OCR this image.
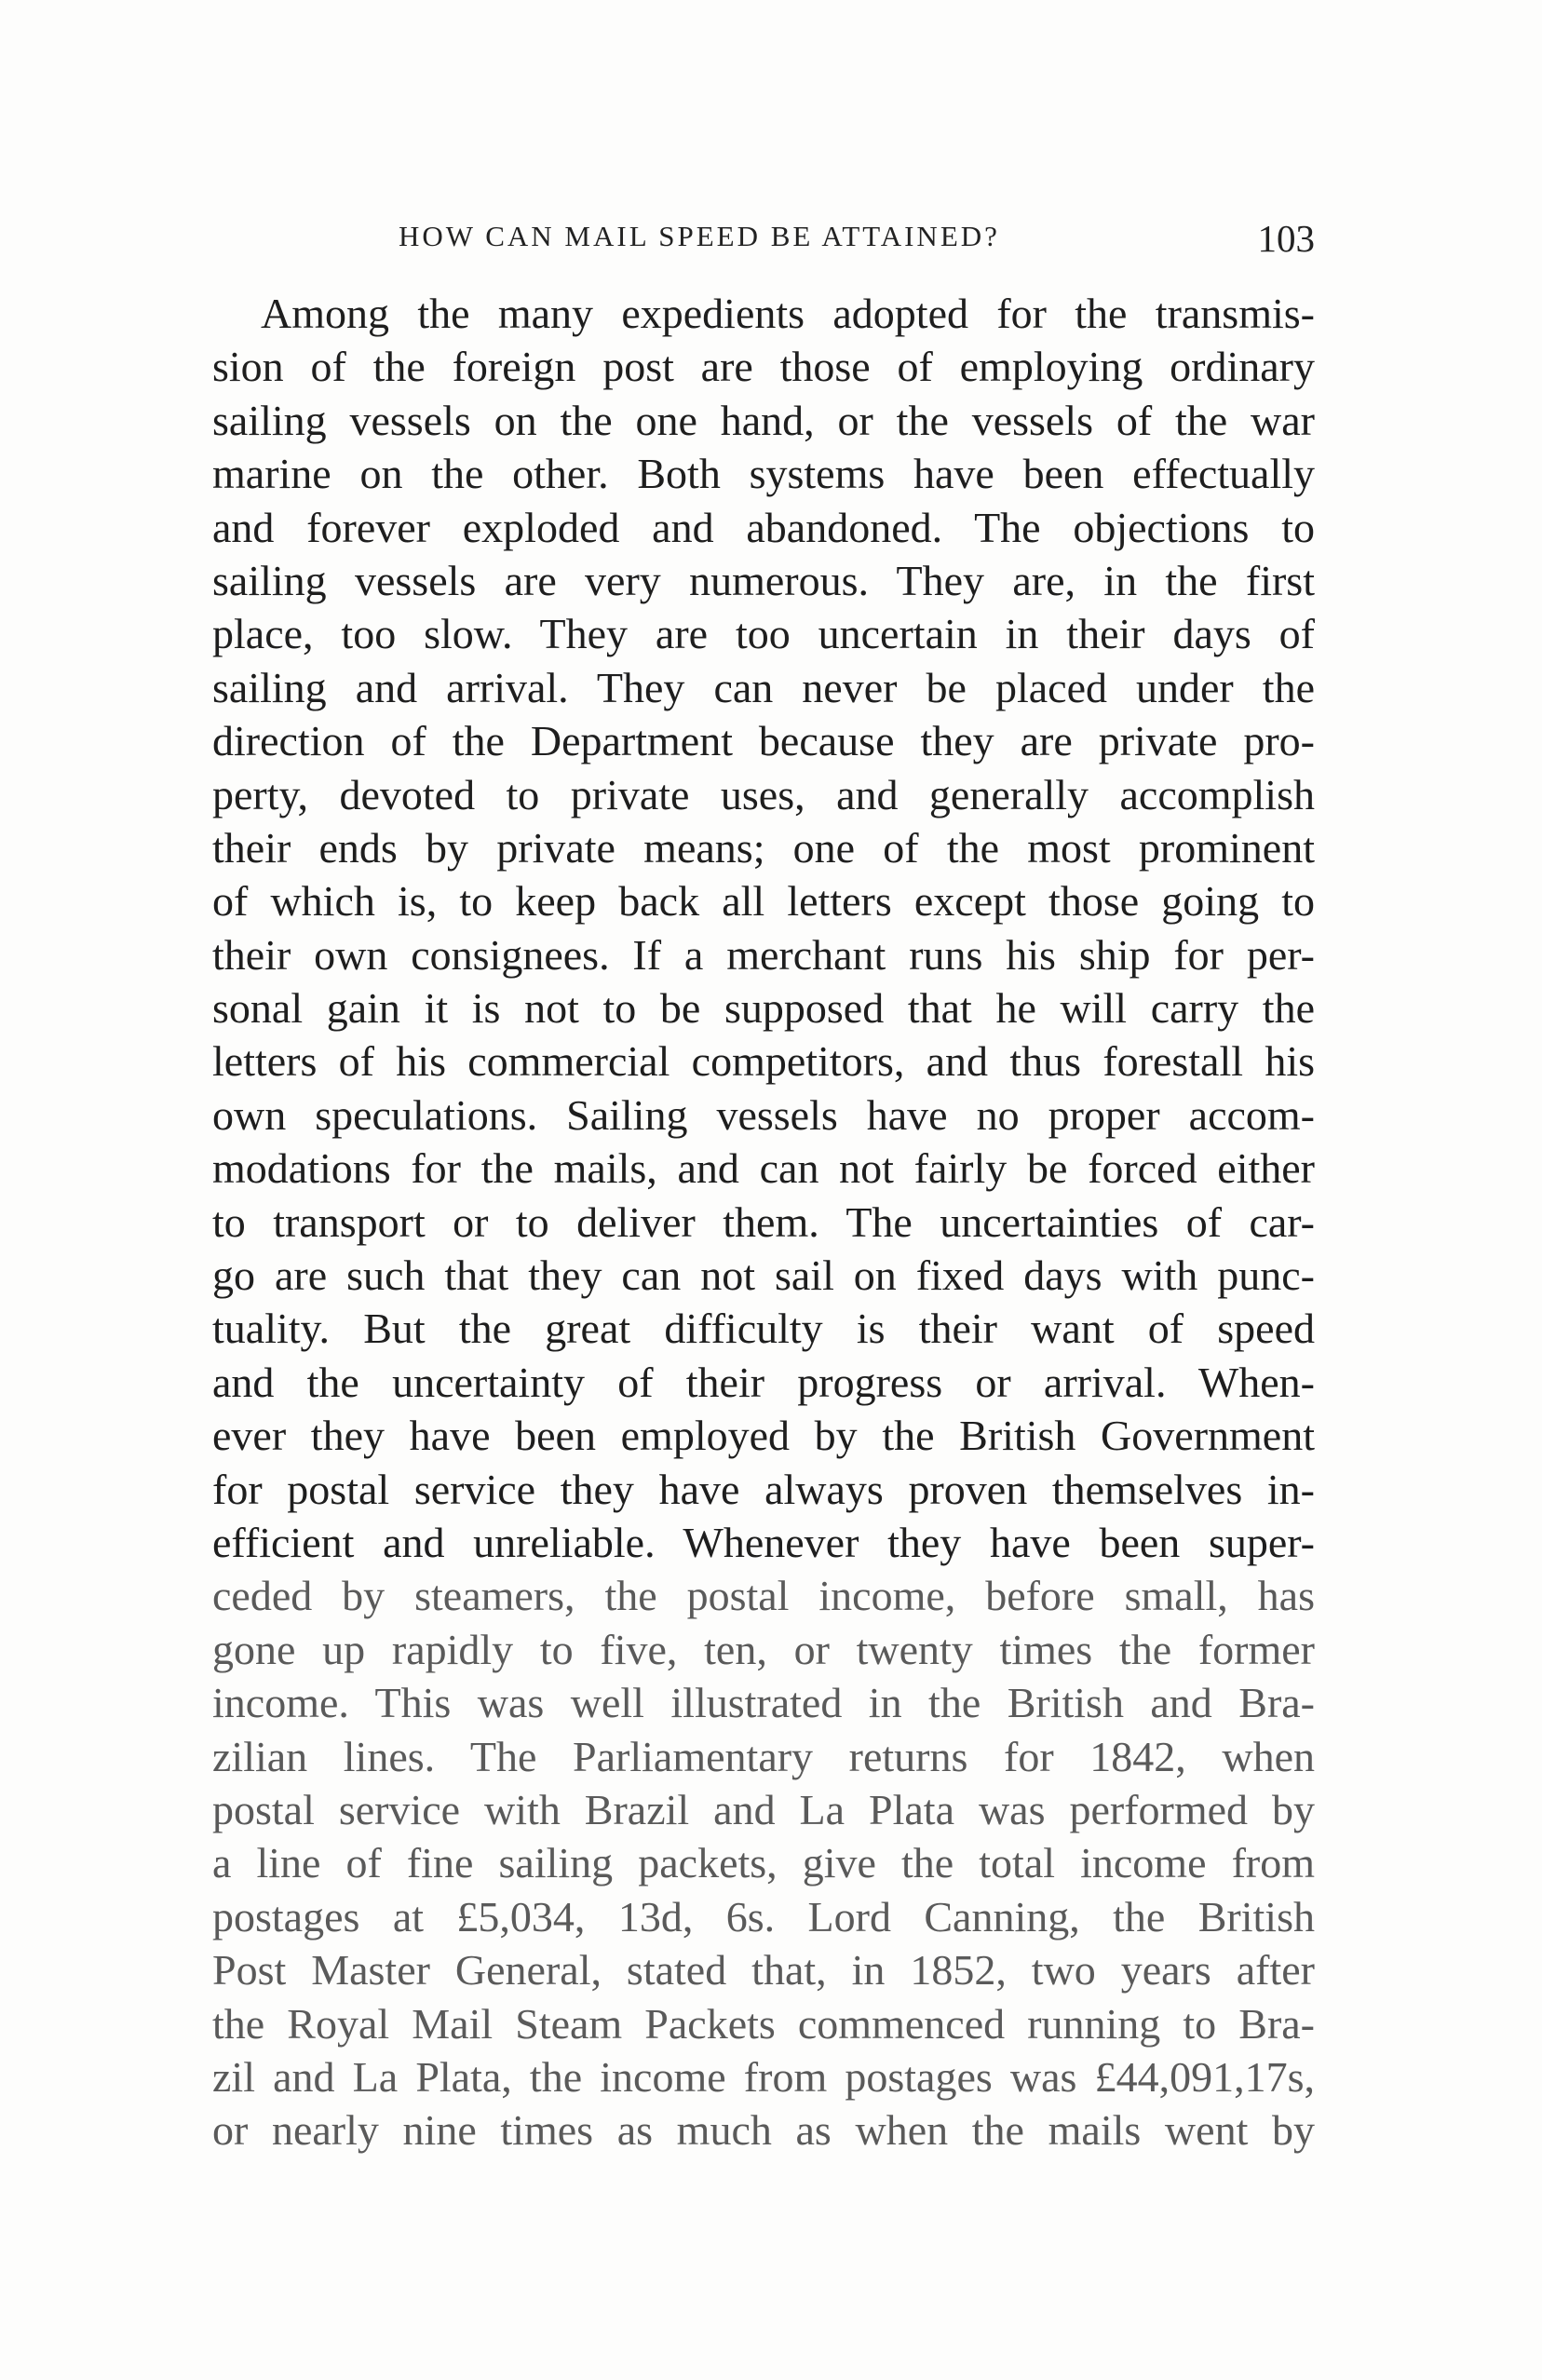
HOW CAN MAIL SPEED BE ATTAINED?	103
Among the many expedients adopted for the transmis-
sion of the foreign post are those of employing ordinary
sailing vessels on the one hand, or the vessels of the war
marine on the other. Both systems have been effectually
and forever exploded and abandoned. The objections to
sailing vessels are very numerous. They are, in the first
place, too slow. They are too uncertain in their days of
sailing and arrival. They can never be placed under the
direction of the Department because they are private pro-
perty, devoted to private uses, and generally accomplish
their ends by private means; one of the most prominent
of which is, to keep back all letters except those going to
their own consignees. If a merchant runs his ship for per-
sonal gain it is not to be supposed that he will carry the
letters of his commercial competitors, and thus forestall his
own speculations. Sailing vessels have no proper accom-
modations for the mails, and can not fairly be forced either
to transport or to deliver them. The uncertainties of car-
go are such that they can not sail on fixed days with punc-
tuality. But the great difficulty is their want of speed
and the uncertainty of their progress or arrival. When-
ever they have been employed by the British Government
for postal service they have always proven themselves in-
efficient and unreliable. Whenever they have been super-
ceded by steamers, the postal income, before small, has
gone up rapidly to five, ten, or twenty times the former
income. This was well illustrated in the British and Bra-
zilian lines. The Parliamentary returns for 1842, when
postal service with Brazil and La Plata was performed by
a line of fine sailing packets, give the total income from
postages at £5,034, 13d, 6s. Lord Canning, the British
Post Master General, stated that, in 1852, two years after
the Royal Mail Steam Packets commenced running to Bra-
zil and La Plata, the income from postages was £44,091,17s,
or nearly nine times as much as when the mails went by
